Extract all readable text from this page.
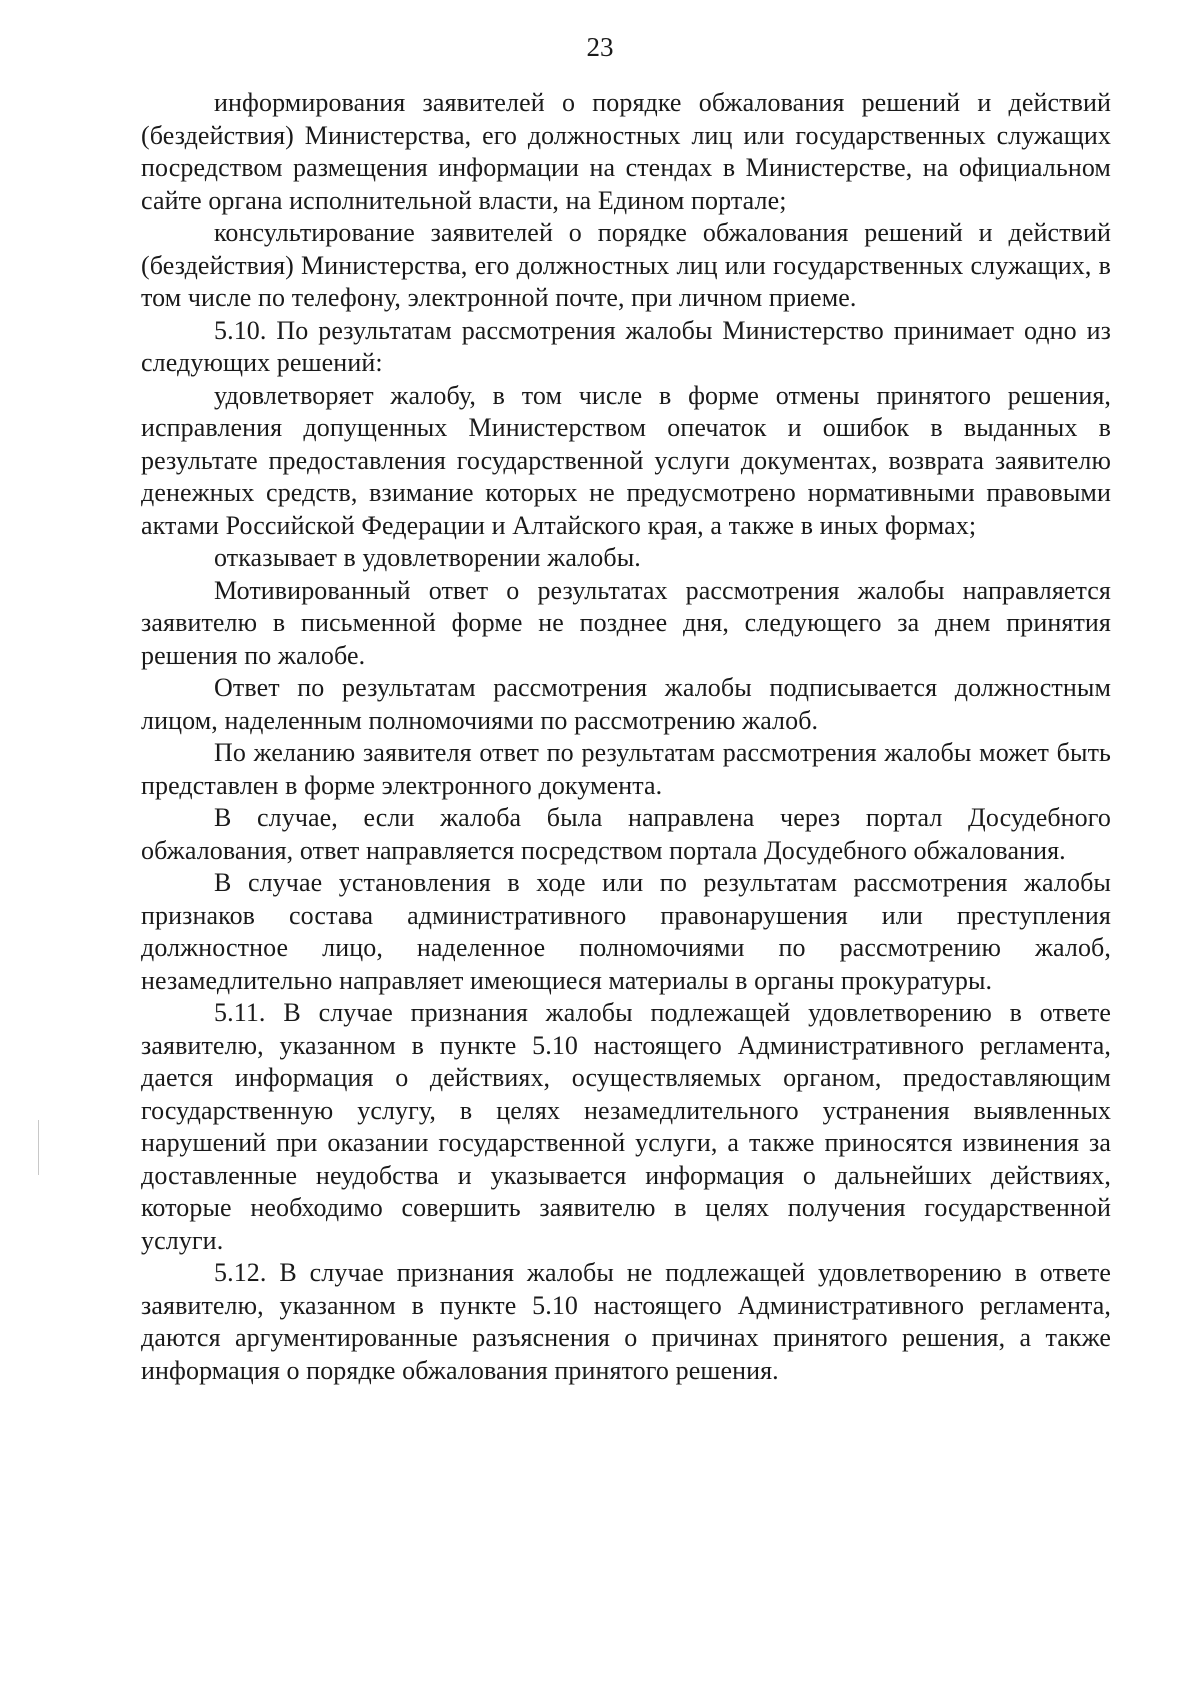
23

информирования заявителей о порядке обжалования решений и действий (бездействия) Министерства, его должностных лиц или государственных служащих посредством размещения информации на стендах в Министерстве, на официальном сайте органа исполнительной власти, на Едином портале;

консультирование заявителей о порядке обжалования решений и действий (бездействия) Министерства, его должностных лиц или государственных служащих, в том числе по телефону, электронной почте, при личном приеме.

5.10. По результатам рассмотрения жалобы Министерство принимает одно из следующих решений:

удовлетворяет жалобу, в том числе в форме отмены принятого решения, исправления допущенных Министерством опечаток и ошибок в выданных в результате предоставления государственной услуги документах, возврата заявителю денежных средств, взимание которых не предусмотрено нормативными правовыми актами Российской Федерации и Алтайского края, а также в иных формах;

отказывает в удовлетворении жалобы.

Мотивированный ответ о результатах рассмотрения жалобы направляется заявителю в письменной форме не позднее дня, следующего за днем принятия решения по жалобе.

Ответ по результатам рассмотрения жалобы подписывается должностным лицом, наделенным полномочиями по рассмотрению жалоб.

По желанию заявителя ответ по результатам рассмотрения жалобы может быть представлен в форме электронного документа.

В случае, если жалоба была направлена через портал Досудебного обжалования, ответ направляется посредством портала Досудебного обжалования.

В случае установления в ходе или по результатам рассмотрения жалобы признаков состава административного правонарушения или преступления должностное лицо, наделенное полномочиями по рассмотрению жалоб, незамедлительно направляет имеющиеся материалы в органы прокуратуры.

5.11. В случае признания жалобы подлежащей удовлетворению в ответе заявителю, указанном в пункте 5.10 настоящего Административного регламента, дается информация о действиях, осуществляемых органом, предоставляющим государственную услугу, в целях незамедлительного устранения выявленных нарушений при оказании государственной услуги, а также приносятся извинения за доставленные неудобства и указывается информация о дальнейших действиях, которые необходимо совершить заявителю в целях получения государственной услуги.

5.12. В случае признания жалобы не подлежащей удовлетворению в ответе заявителю, указанном в пункте 5.10 настоящего Административного регламента, даются аргументированные разъяснения о причинах принятого решения, а также информация о порядке обжалования принятого решения.
